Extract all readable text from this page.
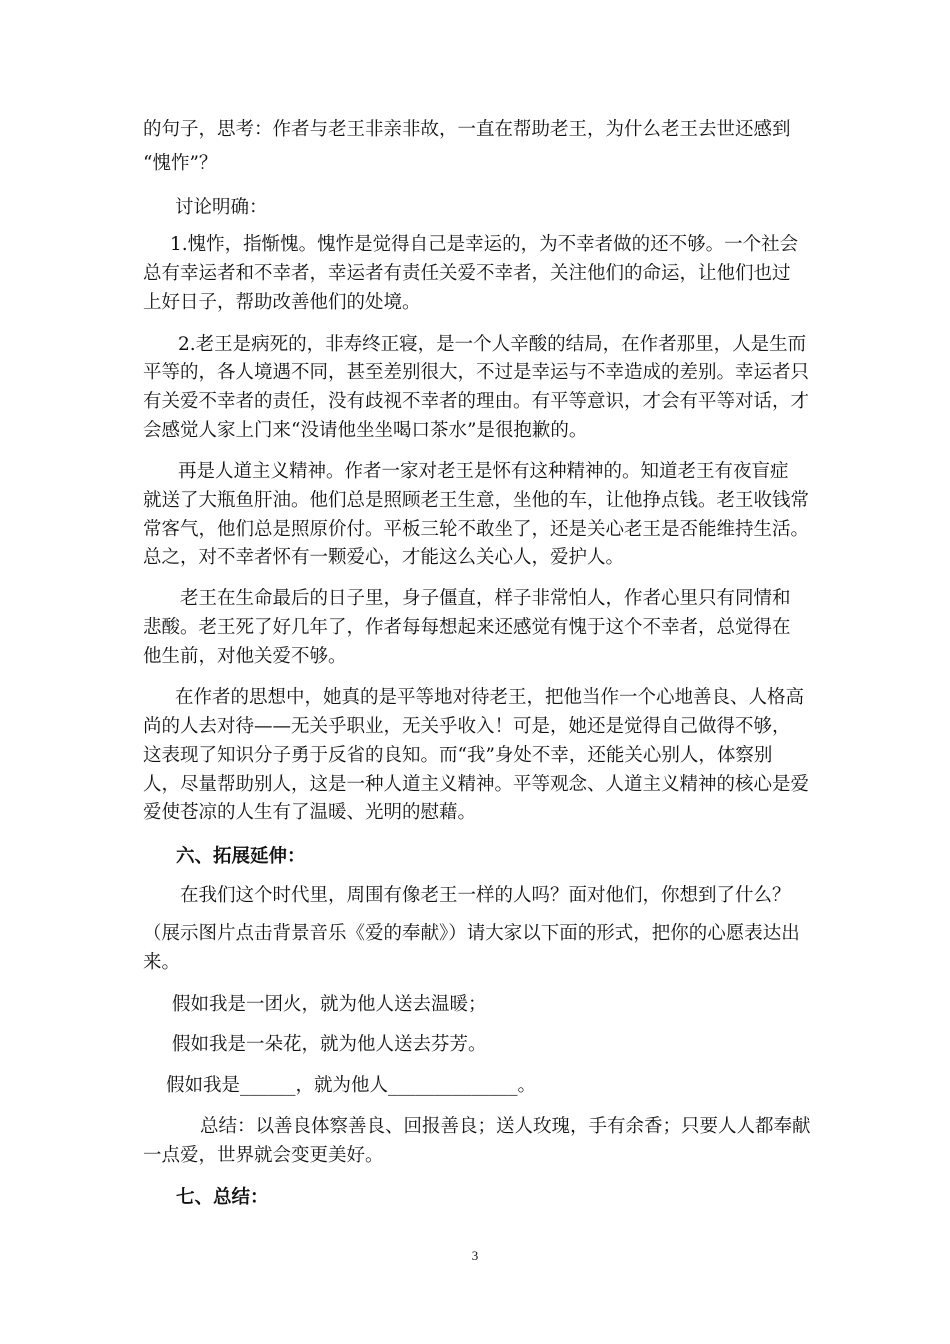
的句子，思考：作者与老王非亲非故，一直在帮助老王，为什么老王去世还感到
“愧怍”？
讨论明确：
1.愧怍，指惭愧。愧怍是觉得自己是幸运的，为不幸者做的还不够。一个社会
总有幸运者和不幸者，幸运者有责任关爱不幸者，关注他们的命运，让他们也过
上好日子，帮助改善他们的处境。
2.老王是病死的，非寿终正寝，是一个人辛酸的结局，在作者那里，人是生而
平等的，各人境遇不同，甚至差别很大，不过是幸运与不幸造成的差别。幸运者只
有关爱不幸者的责任，没有歧视不幸者的理由。有平等意识，才会有平等对话，才
会感觉人家上门来“没请他坐坐喝口茶水”是很抱歉的。
再是人道主义精神。作者一家对老王是怀有这种精神的。知道老王有夜盲症
就送了大瓶鱼肝油。他们总是照顾老王生意，坐他的车，让他挣点钱。老王收钱常
常客气，他们总是照原价付。平板三轮不敢坐了，还是关心老王是否能维持生活。
总之，对不幸者怀有一颗爱心，才能这么关心人，爱护人。
老王在生命最后的日子里，身子僵直，样子非常怕人，作者心里只有同情和
悲酸。老王死了好几年了，作者每每想起来还感觉有愧于这个不幸者，总觉得在
他生前，对他关爱不够。
在作者的思想中，她真的是平等地对待老王，把他当作一个心地善良、人格高
尚的人去对待——无关乎职业，无关乎收入！可是，她还是觉得自己做得不够，
这表现了知识分子勇于反省的良知。而“我”身处不幸，还能关心别人，体察别
人，尽量帮助别人，这是一种人道主义精神。平等观念、人道主义精神的核心是爱
爱使苍凉的人生有了温暖、光明的慰藉。
六、拓展延伸：
在我们这个时代里，周围有像老王一样的人吗？面对他们，你想到了什么？
（展示图片点击背景音乐《爱的奉献》）请大家以下面的形式，把你的心愿表达出
来。
假如我是一团火，就为他人送去温暖；
假如我是一朵花，就为他人送去芬芳。
假如我是______，就为他人______________。
总结：以善良体察善良、回报善良；送人玫瑰，手有余香；只要人人都奉献
一点爱，世界就会变更美好。
七、总结：
3
